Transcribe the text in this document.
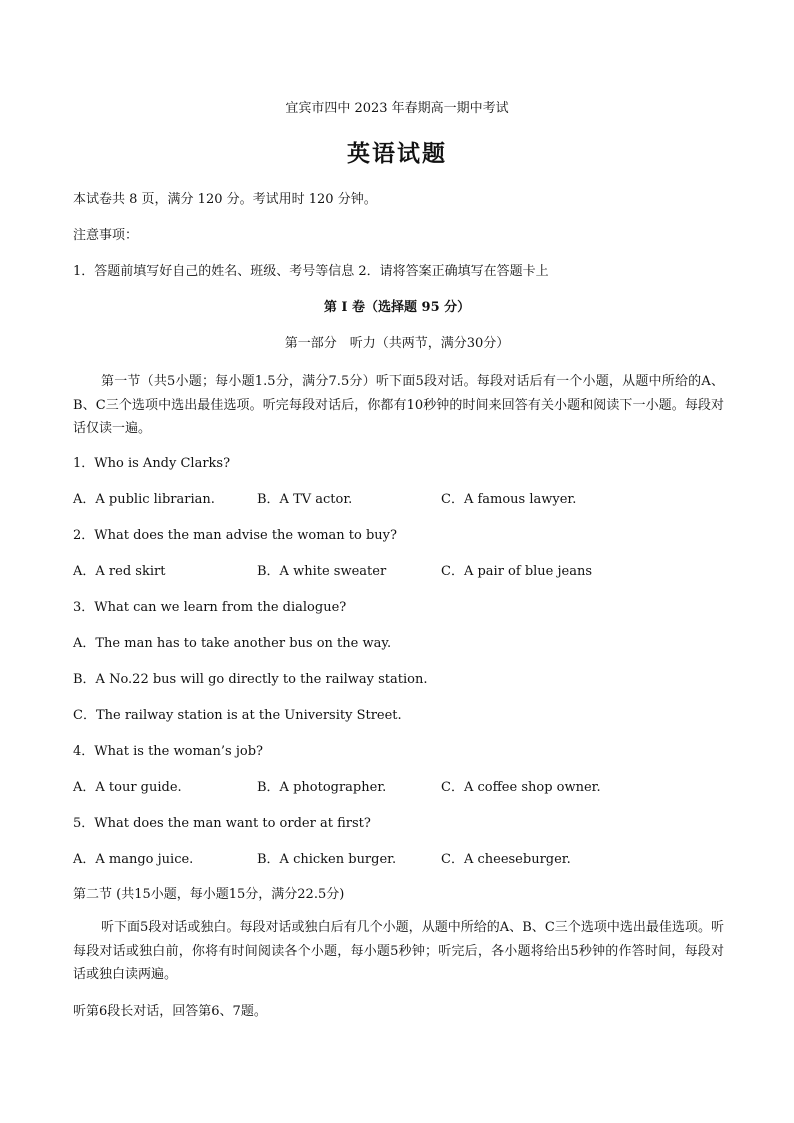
宜宾市四中 2023 年春期高一期中考试
英语试题
本试卷共 8 页，满分 120 分。考试用时 120 分钟。
注意事项：
1．答题前填写好自己的姓名、班级、考号等信息 2．请将答案正确填写在答题卡上
第 I 卷（选择题 95 分）
第一部分　听力（共两节，满分30分）
第一节（共5小题；每小题1.5分，满分7.5分）听下面5段对话。每段对话后有一个小题，从题中所给的A、B、C三个选项中选出最佳选项。听完每段对话后，你都有10秒钟的时间来回答有关小题和阅读下一小题。每段对话仅读一遍。
1．Who is Andy Clarks?
A．A public librarian.	B．A TV actor.	C．A famous lawyer.
2．What does the man advise the woman to buy?
A．A red skirt	B．A white sweater	C．A pair of blue jeans
3．What can we learn from the dialogue?
A．The man has to take another bus on the way.
B．A No.22 bus will go directly to the railway station.
C．The railway station is at the University Street.
4．What is the woman’s job?
A．A tour guide.	B．A photographer.	C．A coffee shop owner.
5．What does the man want to order at first?
A．A mango juice.	B．A chicken burger.	C．A cheeseburger.
第二节 (共15小题，每小题15分，满分22.5分)
听下面5段对话或独白。每段对话或独白后有几个小题，从题中所给的A、B、C三个选项中选出最佳选项。听每段对话或独白前，你将有时间阅读各个小题，每小题5秒钟；听完后，各小题将给出5秒钟的作答时间，每段对话或独白读两遍。
听第6段长对话，回答第6、7题。
